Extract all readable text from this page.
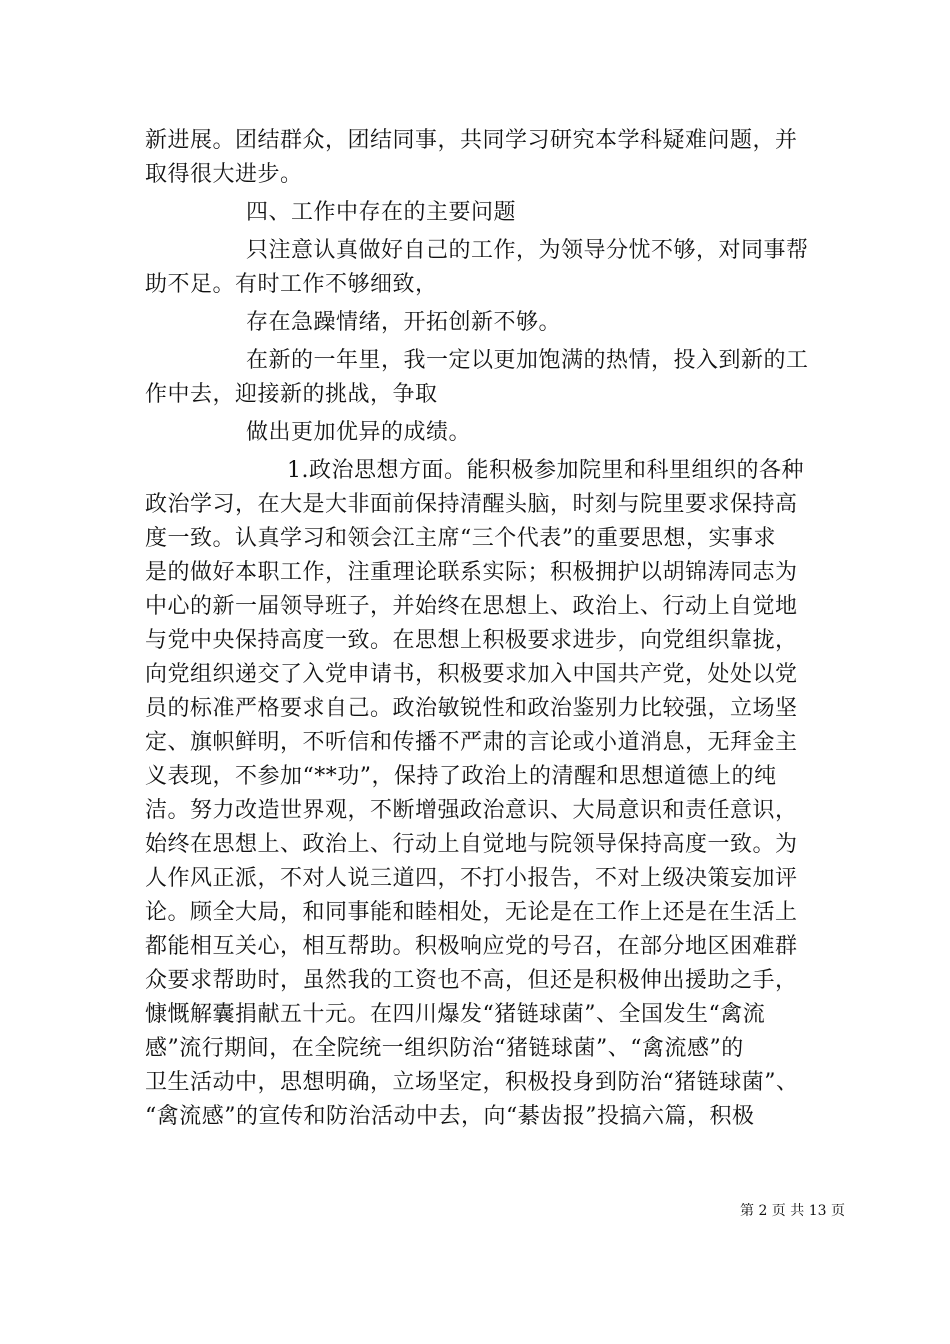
新进展。团结群众，团结同事，共同学习研究本学科疑难问题，并
取得很大进步。
四、工作中存在的主要问题
只注意认真做好自己的工作，为领导分忧不够，对同事帮
助不足。有时工作不够细致，
存在急躁情绪，开拓创新不够。
在新的一年里，我一定以更加饱满的热情，投入到新的工
作中去，迎接新的挑战，争取
做出更加优异的成绩。
1.政治思想方面。能积极参加院里和科里组织的各种
政治学习，在大是大非面前保持清醒头脑，时刻与院里要求保持高
度一致。认真学习和领会江主席“三个代表”的重要思想，实事求
是的做好本职工作，注重理论联系实际；积极拥护以胡锦涛同志为
中心的新一届领导班子，并始终在思想上、政治上、行动上自觉地
与党中央保持高度一致。在思想上积极要求进步，向党组织靠拢，
向党组织递交了入党申请书，积极要求加入中国共产党，处处以党
员的标准严格要求自己。政治敏锐性和政治鉴别力比较强，立场坚
定、旗帜鲜明，不听信和传播不严肃的言论或小道消息，无拜金主
义表现，不参加“**功”，保持了政治上的清醒和思想道德上的纯
洁。努力改造世界观，不断增强政治意识、大局意识和责任意识，
始终在思想上、政治上、行动上自觉地与院领导保持高度一致。为
人作风正派，不对人说三道四，不打小报告，不对上级决策妄加评
论。顾全大局，和同事能和睦相处，无论是在工作上还是在生活上
都能相互关心，相互帮助。积极响应党的号召，在部分地区困难群
众要求帮助时，虽然我的工资也不高，但还是积极伸出援助之手，
慷慨解囊捐献五十元。在四川爆发“猪链球菌”、全国发生“禽流
感”流行期间，在全院统一组织防治“猪链球菌”、“禽流感”的
卫生活动中，思想明确，立场坚定，积极投身到防治“猪链球菌”、
“禽流感”的宣传和防治活动中去，向“綦齿报”投搞六篇，积极
第 2 页 共 13 页
